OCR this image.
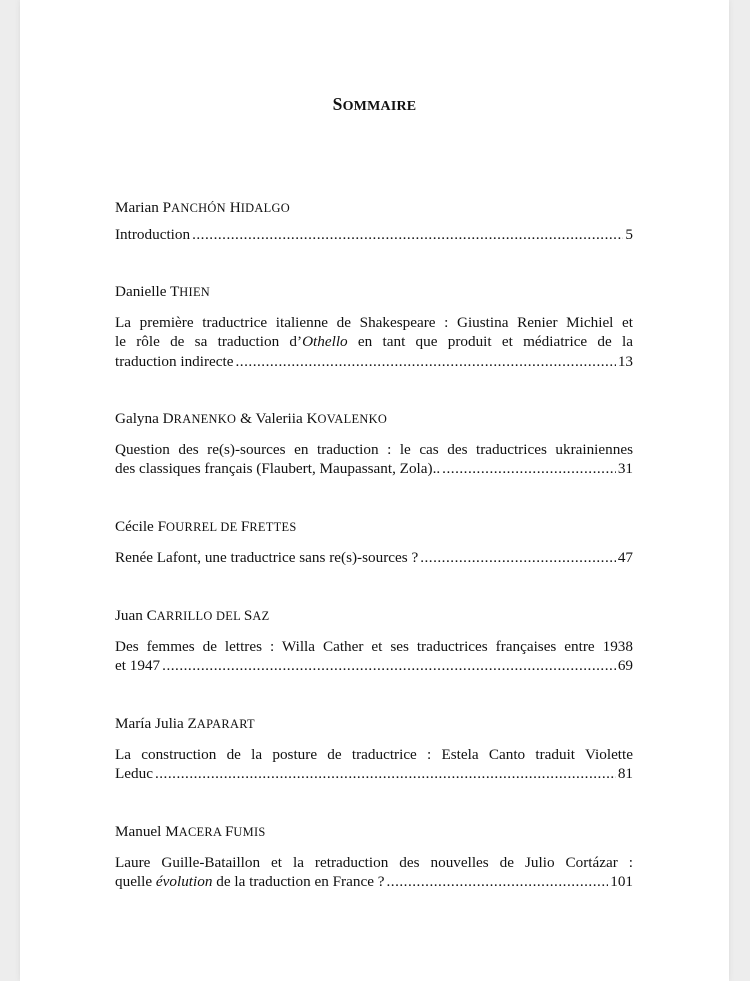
SOMMAIRE
Marian PANCHÓN HIDALGO
Introduction .....	5
Danielle THIEN
La première traductrice italienne de Shakespeare : Giustina Renier Michiel et
le rôle de sa traduction d’Othello en tant que produit et médiatrice de la
traduction indirecte .....	13
Galyna DRANENKO & Valeriia KOVALENKO
Question des re(s)-sources en traduction : le cas des traductrices ukrainiennes
des classiques français (Flaubert, Maupassant, Zola).. .....	31
Cécile FOURREL DE FRETTES
Renée Lafont, une traductrice sans re(s)-sources ? .....	47
Juan CARRILLO DEL SAZ
Des femmes de lettres : Willa Cather et ses traductrices françaises entre 1938
et 1947 .....	69
María Julia ZAPARART
La construction de la posture de traductrice : Estela Canto traduit Violette
Leduc .....	81
Manuel MACERA FUMIS
Laure Guille-Bataillon et la retraduction des nouvelles de Julio Cortázar :
quelle évolution de la traduction en France ? .....	101
